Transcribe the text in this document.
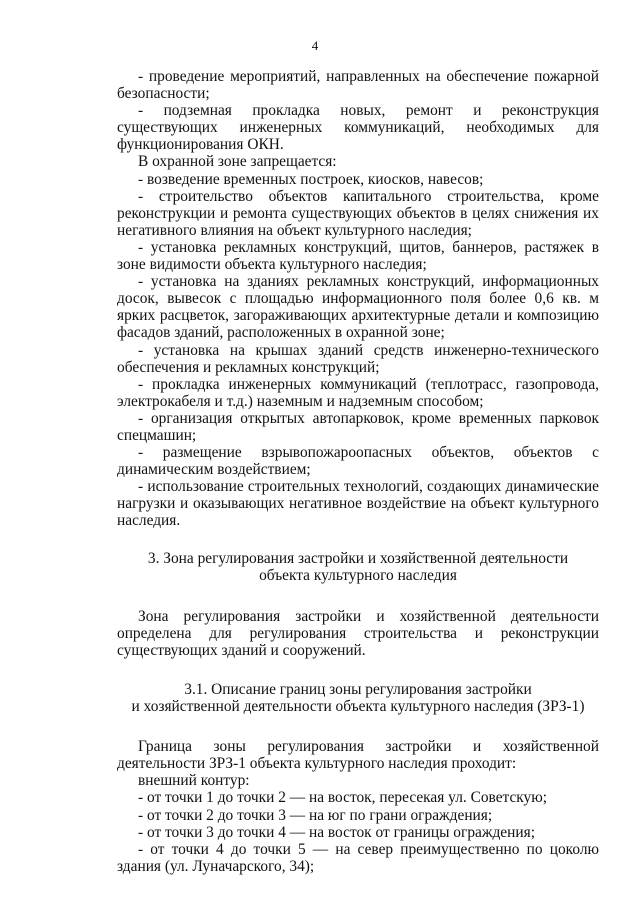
4

- проведение мероприятий, направленных на обеспечение пожарной безопасности;

- подземная прокладка новых, ремонт и реконструкция существующих инженерных коммуникаций, необходимых для функционирования ОКН.

В охранной зоне запрещается:

- возведение временных построек, киосков, навесов;

- строительство объектов капитального строительства, кроме реконструкции и ремонта существующих объектов в целях снижения их негативного влияния на объект культурного наследия;

- установка рекламных конструкций, щитов, баннеров, растяжек в зоне видимости объекта культурного наследия;

- установка на зданиях рекламных конструкций, информационных досок, вывесок с площадью информационного поля более 0,6 кв. м ярких расцветок, загораживающих архитектурные детали и композицию фасадов зданий, расположенных в охранной зоне;

- установка на крышах зданий средств инженерно-технического обеспечения и рекламных конструкций;

- прокладка инженерных коммуникаций (теплотрасс, газопровода, электрокабеля и т.д.) наземным и надземным способом;

- организация открытых автопарковок, кроме временных парковок спецмашин;

- размещение взрывопожароопасных объектов, объектов с динамическим воздействием;

- использование строительных технологий, создающих динамические нагрузки и оказывающих негативное воздействие на объект культурного наследия.

3. Зона регулирования застройки и хозяйственной деятельности

объекта культурного наследия

Зона регулирования застройки и хозяйственной деятельности определена для регулирования строительства и реконструкции существующих зданий и сооружений.

3.1. Описание границ зоны регулирования застройки

и хозяйственной деятельности объекта культурного наследия (ЗРЗ-1)

Граница зоны регулирования застройки и хозяйственной деятельности ЗРЗ-1 объекта культурного наследия проходит:

внешний контур:

- от точки 1 до точки 2 — на восток, пересекая ул. Советскую;

- от точки 2 до точки 3 — на юг по грани ограждения;

- от точки 3 до точки 4 — на восток от границы ограждения;

- от точки 4 до точки 5 — на север преимущественно по цоколю здания (ул. Луначарского, 34);
